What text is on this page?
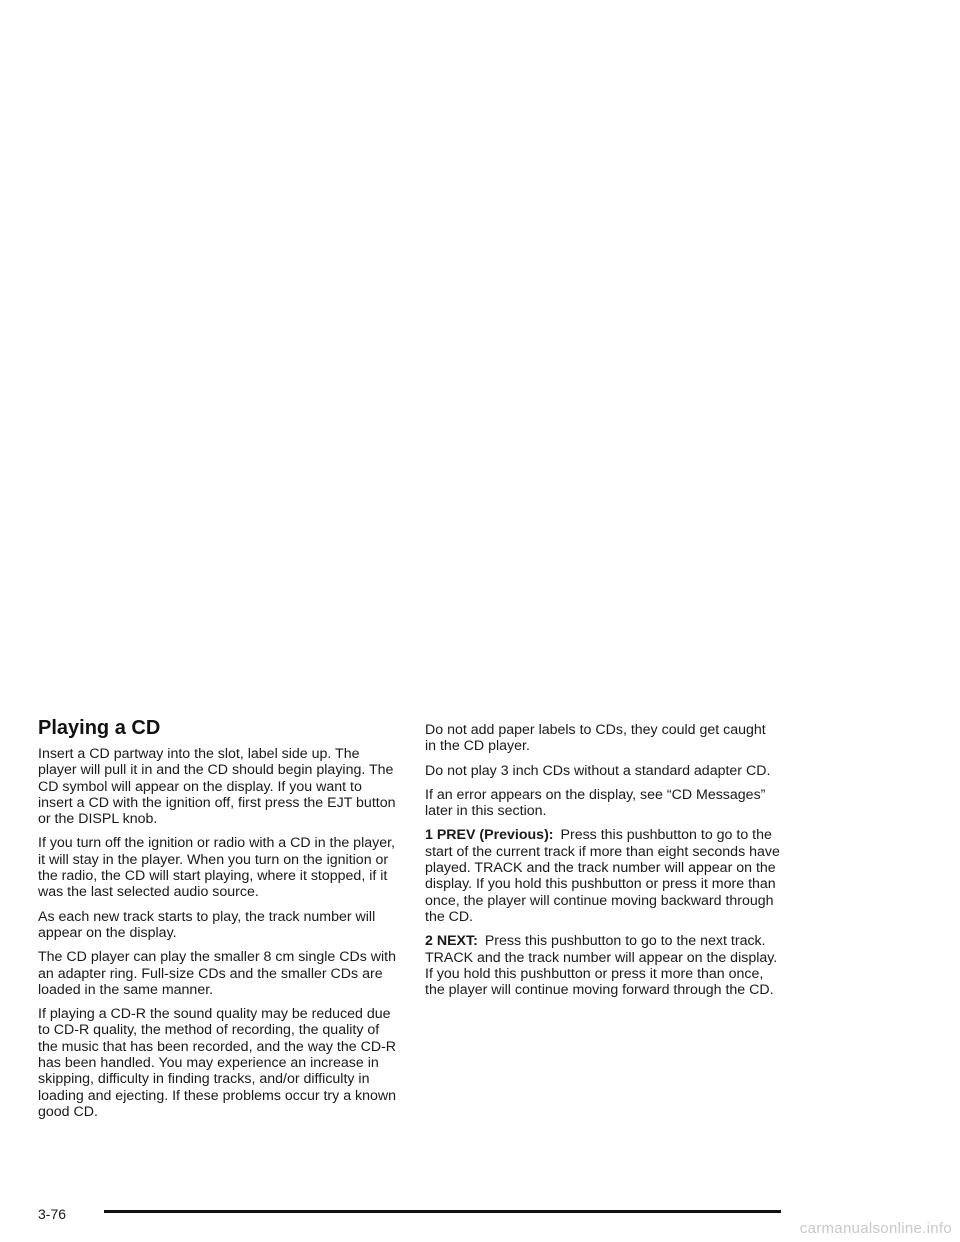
Playing a CD

Insert a CD partway into the slot, label side up. The player will pull it in and the CD should begin playing. The CD symbol will appear on the display. If you want to insert a CD with the ignition off, first press the EJT button or the DISPL knob.

If you turn off the ignition or radio with a CD in the player, it will stay in the player. When you turn on the ignition or the radio, the CD will start playing, where it stopped, if it was the last selected audio source.

As each new track starts to play, the track number will appear on the display.

The CD player can play the smaller 8 cm single CDs with an adapter ring. Full-size CDs and the smaller CDs are loaded in the same manner.

If playing a CD-R the sound quality may be reduced due to CD-R quality, the method of recording, the quality of the music that has been recorded, and the way the CD-R has been handled. You may experience an increase in skipping, difficulty in finding tracks, and/or difficulty in loading and ejecting. If these problems occur try a known good CD.

Do not add paper labels to CDs, they could get caught in the CD player.

Do not play 3 inch CDs without a standard adapter CD.

If an error appears on the display, see “CD Messages” later in this section.

1 PREV (Previous): Press this pushbutton to go to the start of the current track if more than eight seconds have played. TRACK and the track number will appear on the display. If you hold this pushbutton or press it more than once, the player will continue moving backward through the CD.

2 NEXT: Press this pushbutton to go to the next track. TRACK and the track number will appear on the display. If you hold this pushbutton or press it more than once, the player will continue moving forward through the CD.

3-76
carmanualsonline.info
